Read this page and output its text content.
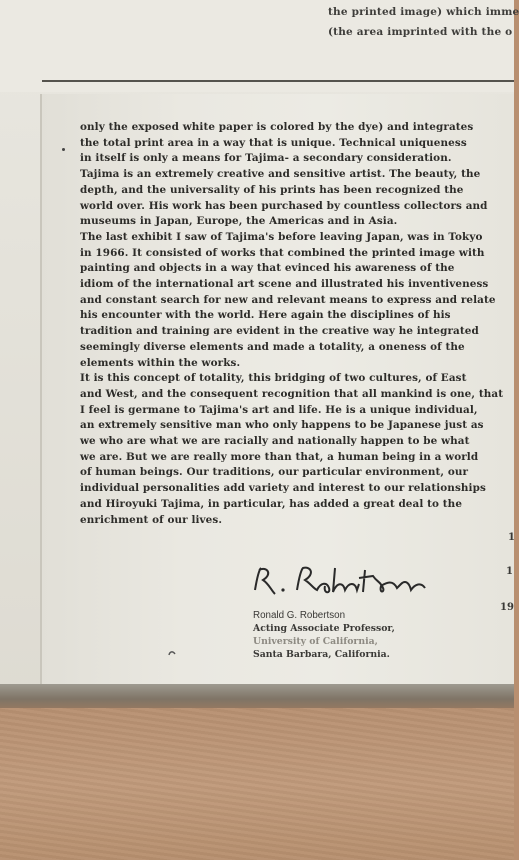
the printed image) which imme
(the area imprinted with the o
only the exposed white paper is colored by the dye) and integrates
the total print area in a way that is unique. Technical uniqueness
in itself is only a means for Tajima- a secondary consideration.
Tajima is an extremely creative and sensitive artist. The beauty, the
depth, and the universality of his prints has been recognized the
world over. His work has been purchased by countless collectors and
museums in Japan, Europe, the Americas and in Asia.
The last exhibit I saw of Tajima's before leaving Japan, was in Tokyo
in 1966. It consisted of works that combined the printed image with
painting and objects in a way that evinced his awareness of the
idiom of the international art scene and illustrated his inventiveness
and constant search for new and relevant means to express and relate
his encounter with the world. Here again the disciplines of his
tradition and training are evident in the creative way he integrated
seemingly diverse elements and made a totality, a oneness of the
elements within the works.
It is this concept of totality, this bridging of two cultures, of East
and West, and the consequent recognition that all mankind is one, that
I feel is germane to Tajima's art and life. He is a unique individual,
an extremely sensitive man who only happens to be Japanese just as
we who are what we are racially and nationally happen to be what
we are. But we are really more than that, a human being in a world
of human beings. Our traditions, our particular environment, our
individual personalities add variety and interest to our relationships
and Hiroyuki Tajima, in particular, has added a great deal to the
enrichment of our lives.
Ronald G. Robertson
Acting Associate Professor,
University of California,
Santa Barbara, California.
1
1
19
